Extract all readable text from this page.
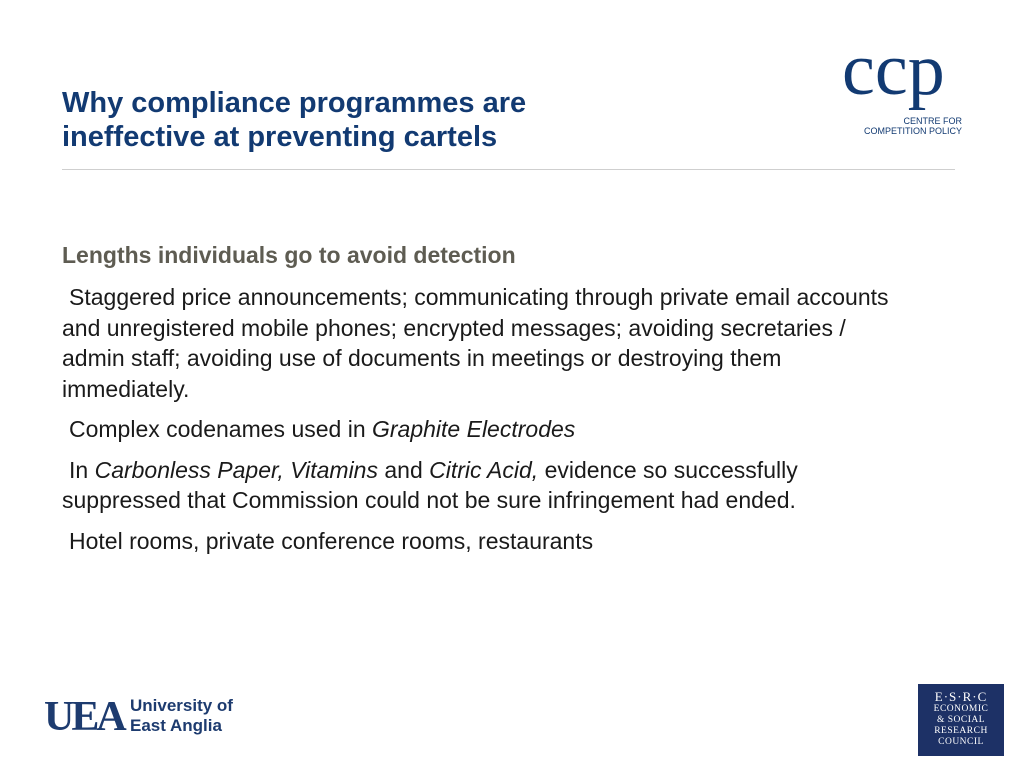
Why compliance programmes are
ineffective at preventing cartels
ccp
CENTRE FOR
COMPETITION POLICY

Lengths individuals go to avoid detection

Staggered price announcements; communicating through private email accounts and unregistered mobile phones; encrypted messages; avoiding secretaries / admin staff; avoiding use of documents in meetings or destroying them immediately.

Complex codenames used in Graphite Electrodes

In Carbonless Paper, Vitamins and Citric Acid, evidence so successfully suppressed that Commission could not be sure infringement had ended.

Hotel rooms, private conference rooms, restaurants

UEA University of
East Anglia
E·S·R·C
ECONOMIC
& SOCIAL
RESEARCH
COUNCIL
